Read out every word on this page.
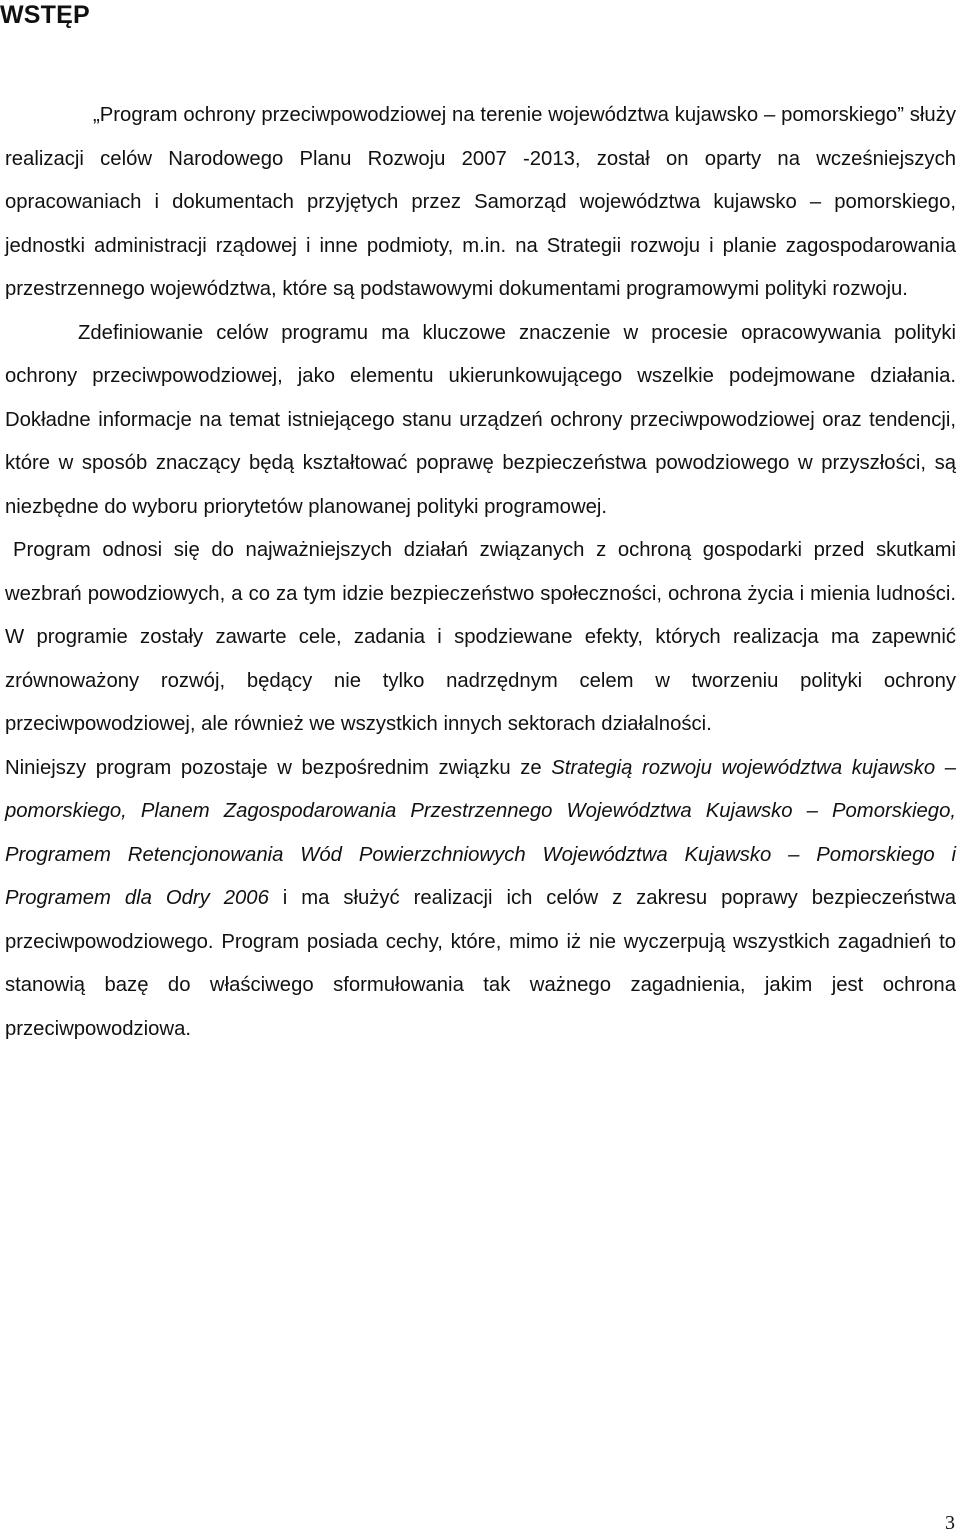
WSTĘP

„Program ochrony przeciwpowodziowej na terenie województwa kujawsko – pomorskiego” służy realizacji celów Narodowego Planu Rozwoju 2007 -2013, został on oparty na wcześniejszych opracowaniach i dokumentach przyjętych przez Samorząd województwa kujawsko – pomorskiego, jednostki administracji rządowej i inne podmioty, m.in. na Strategii rozwoju i planie zagospodarowania przestrzennego województwa, które są podstawowymi dokumentami programowymi polityki rozwoju.

Zdefiniowanie celów programu ma kluczowe znaczenie w procesie opracowywania polityki ochrony przeciwpowodziowej, jako elementu ukierunkowującego wszelkie podejmowane działania. Dokładne informacje na temat istniejącego stanu urządzeń ochrony przeciwpowodziowej oraz tendencji, które w sposób znaczący będą kształtować poprawę bezpieczeństwa powodziowego w przyszłości, są niezbędne do wyboru priorytetów planowanej polityki programowej.

Program odnosi się do najważniejszych działań związanych z ochroną gospodarki przed skutkami wezbrań powodziowych, a co za tym idzie bezpieczeństwo społeczności, ochrona życia i mienia ludności. W programie zostały zawarte cele, zadania i spodziewane efekty, których realizacja ma zapewnić zrównoważony rozwój, będący nie tylko nadrzędnym celem w tworzeniu polityki ochrony przeciwpowodziowej, ale również we wszystkich innych sektorach działalności.

Niniejszy program pozostaje w bezpośrednim związku ze Strategią rozwoju województwa kujawsko – pomorskiego, Planem Zagospodarowania Przestrzennego Województwa Kujawsko – Pomorskiego, Programem Retencjonowania Wód Powierzchniowych Województwa Kujawsko – Pomorskiego i Programem dla Odry 2006 i ma służyć realizacji ich celów z zakresu poprawy bezpieczeństwa przeciwpowodziowego. Program posiada cechy, które, mimo iż nie wyczerpują wszystkich zagadnień to stanowią bazę do właściwego sformułowania tak ważnego zagadnienia, jakim jest ochrona przeciwpowodziowa.

3
